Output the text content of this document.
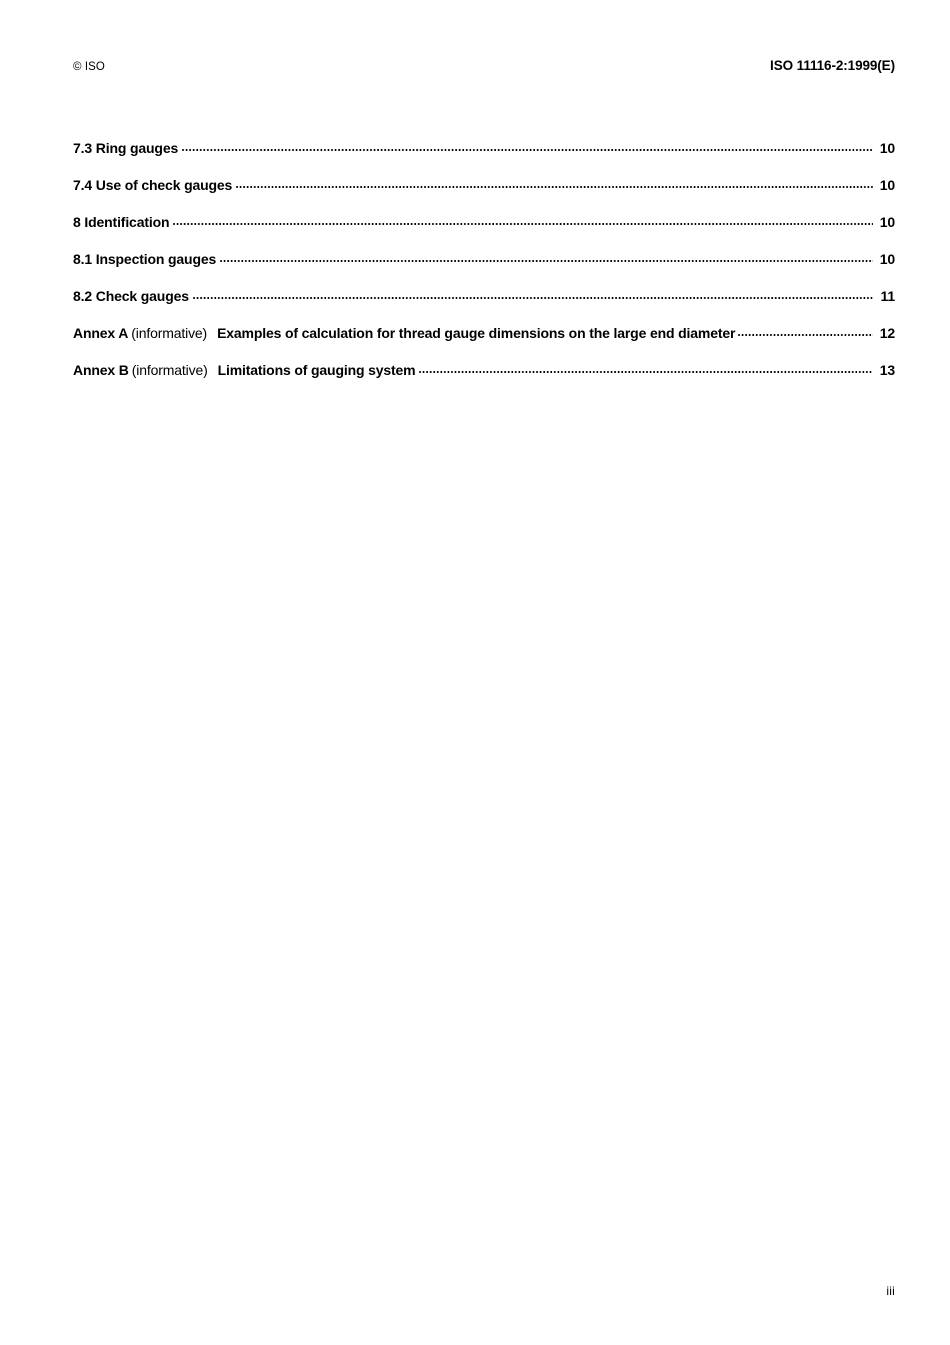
© ISO	ISO 11116-2:1999(E)
7.3 Ring gauges	10
7.4 Use of check gauges	10
8 Identification	10
8.1 Inspection gauges	10
8.2 Check gauges	11
Annex A (informative) Examples of calculation for thread gauge dimensions on the large end diameter	12
Annex B (informative) Limitations of gauging system	13
iii
